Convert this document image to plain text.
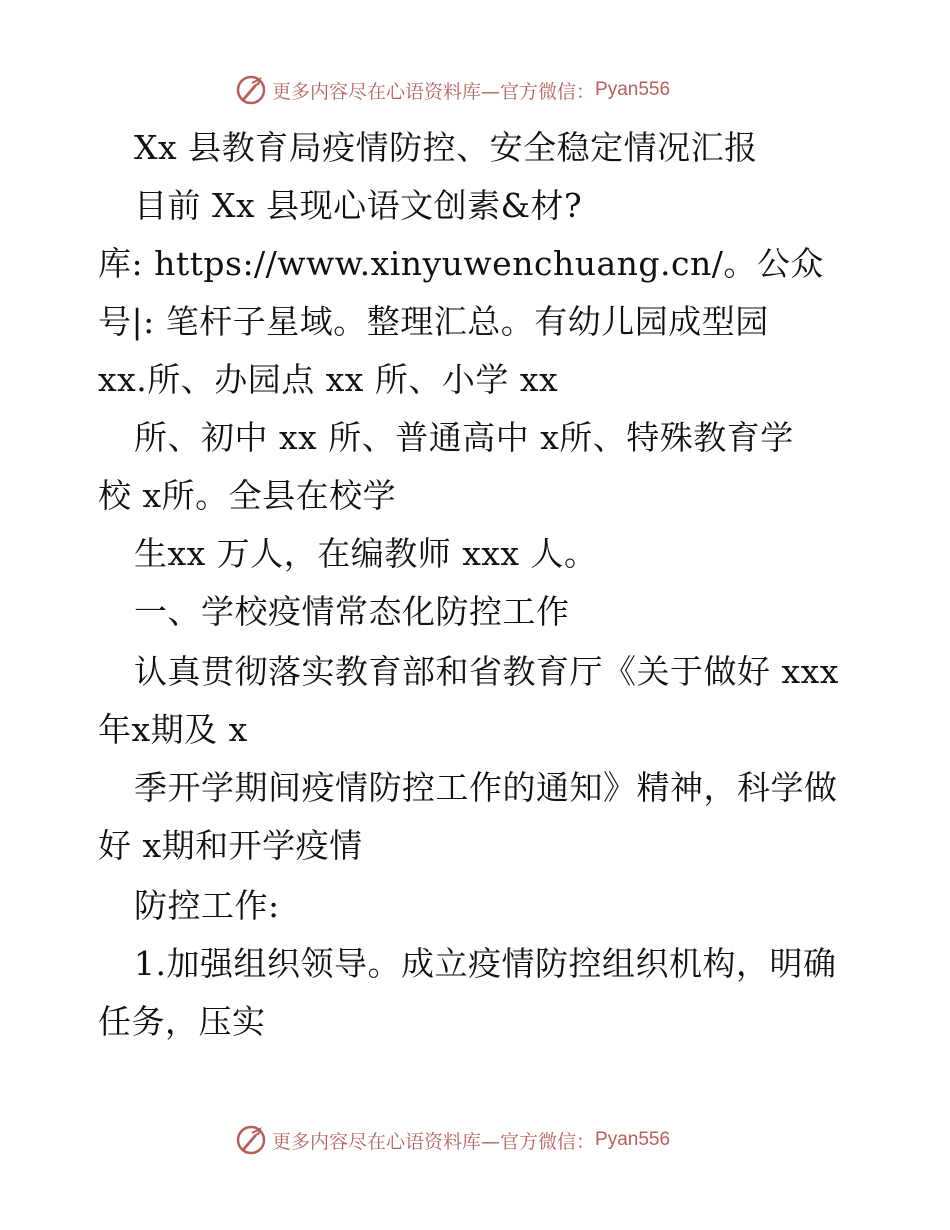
更多内容尽在心语资料库—官方微信： Pyan556
Xx 县教育局疫情防控、安全稳定情况汇报
目前 Xx 县现心语文创素&材?
库: https://www.xinyuwenchuang.cn/。公众
号|: 笔杆子星域。整理汇总。有幼儿园成型园
xx.所、办园点 xx 所、小学 xx
所、初中 xx 所、普通高中 x所、特殊教育学
校 x所。全县在校学
生xx 万人，在编教师 xxx 人。
一、学校疫情常态化防控工作
认真贯彻落实教育部和省教育厅《关于做好 xxx
年x期及 x
季开学期间疫情防控工作的通知》精神，科学做
好 x期和开学疫情
防控工作:
1.加强组织领导。成立疫情防控组织机构，明确
任务，压实
更多内容尽在心语资料库—官方微信： Pyan556
